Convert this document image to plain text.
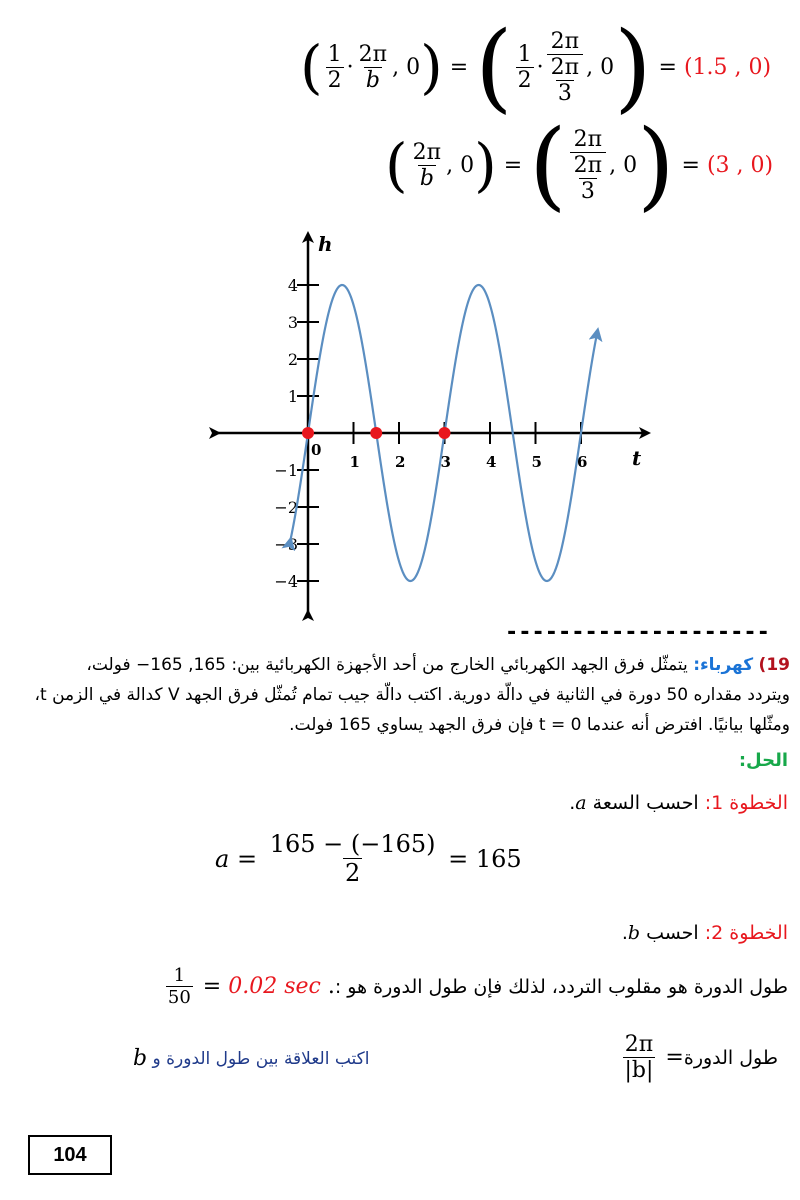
( $\frac{1}{2} \cdot \frac{2\pi}{b}$ , 0 ) = ( $\frac{1}{2} \cdot \frac{2\pi}{\frac{2\pi}{3}}$ , 0 ) = (1.5 , 0)
( $\frac{2\pi}{b}$ , 0 ) = ( $\frac{2\pi}{\frac{2\pi}{3}}$ , 0 ) = (3 , 0)
h
t
0
1 2 3 4 5 6
4
3
2
1
−1
−2
−3
−4
--------------------
19) كهرباء: يتمثّل فرق الجهد الكهربائي الخارج من أحد الأجهزة الكهربائية بين: 165, 165− فولت،
ويتردد مقداره 50 دورة في الثانية في دالّة دورية. اكتب دالّة جيب تمام تُمثّل فرق الجهد V كدالة في الزمن t،
ومثّلها بيانيًا. افترض أنه عندما 0 = t فإن فرق الجهد يساوي 165 فولت.
الحل:
الخطوة 1: احسب السعة a.
$a = \frac{165 - (-165)}{2} = 165$
الخطوة 2: احسب b.
طول الدورة هو مقلوب التردد، لذلك فإن طول الدورة هو :

$\frac{1}{50}$
=
0.02 sec
.
طول الدورة
$\frac{2\pi}{|b|}$
=
اكتب العلاقة بين طول الدورة و

b
104
